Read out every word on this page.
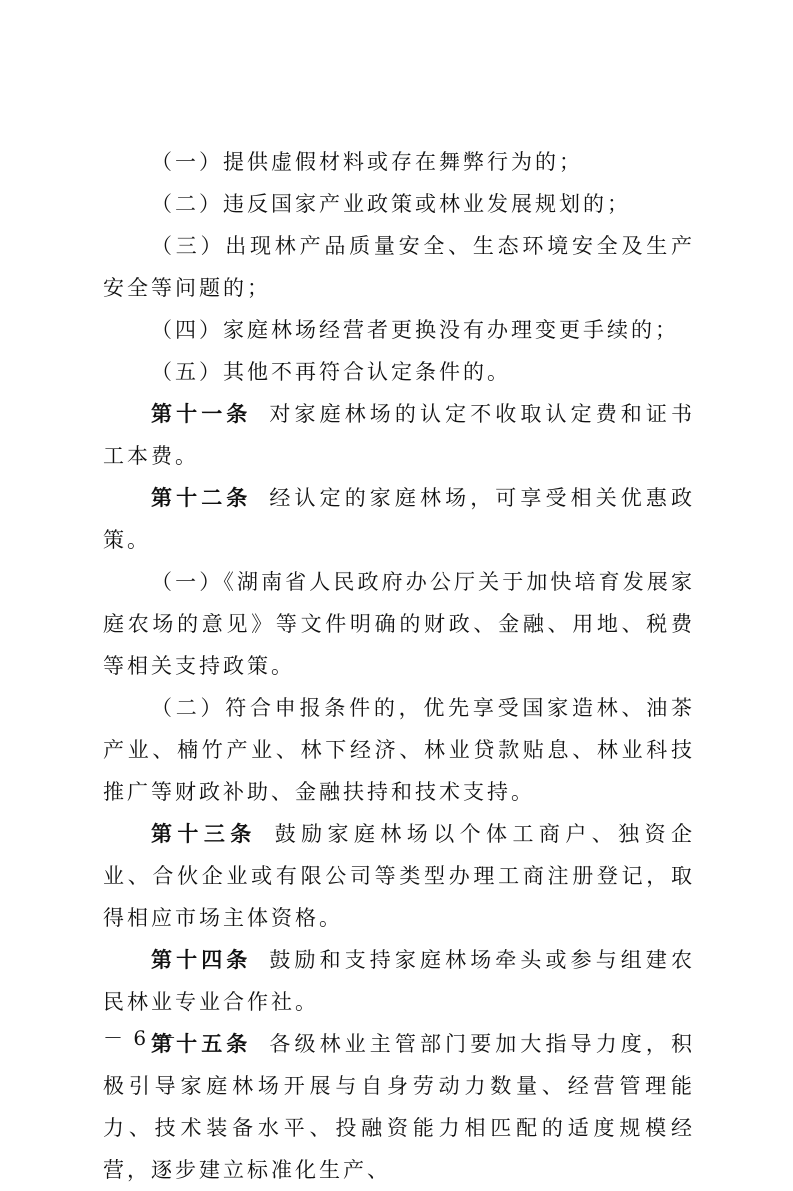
（一）提供虚假材料或存在舞弊行为的；

（二）违反国家产业政策或林业发展规划的；

（三）出现林产品质量安全、生态环境安全及生产安全等问题的；

（四）家庭林场经营者更换没有办理变更手续的；

（五）其他不再符合认定条件的。

第十一条 对家庭林场的认定不收取认定费和证书工本费。

第十二条 经认定的家庭林场，可享受相关优惠政策。

（一）《湖南省人民政府办公厅关于加快培育发展家庭农场的意见》等文件明确的财政、金融、用地、税费等相关支持政策。

（二）符合申报条件的，优先享受国家造林、油茶产业、楠竹产业、林下经济、林业贷款贴息、林业科技推广等财政补助、金融扶持和技术支持。

第十三条 鼓励家庭林场以个体工商户、独资企业、合伙企业或有限公司等类型办理工商注册登记，取得相应市场主体资格。

第十四条 鼓励和支持家庭林场牵头或参与组建农民林业专业合作社。

第十五条 各级林业主管部门要加大指导力度，积极引导家庭林场开展与自身劳动力数量、经营管理能力、技术装备水平、投融资能力相匹配的适度规模经营，逐步建立标准化生产、

－ 6 －
